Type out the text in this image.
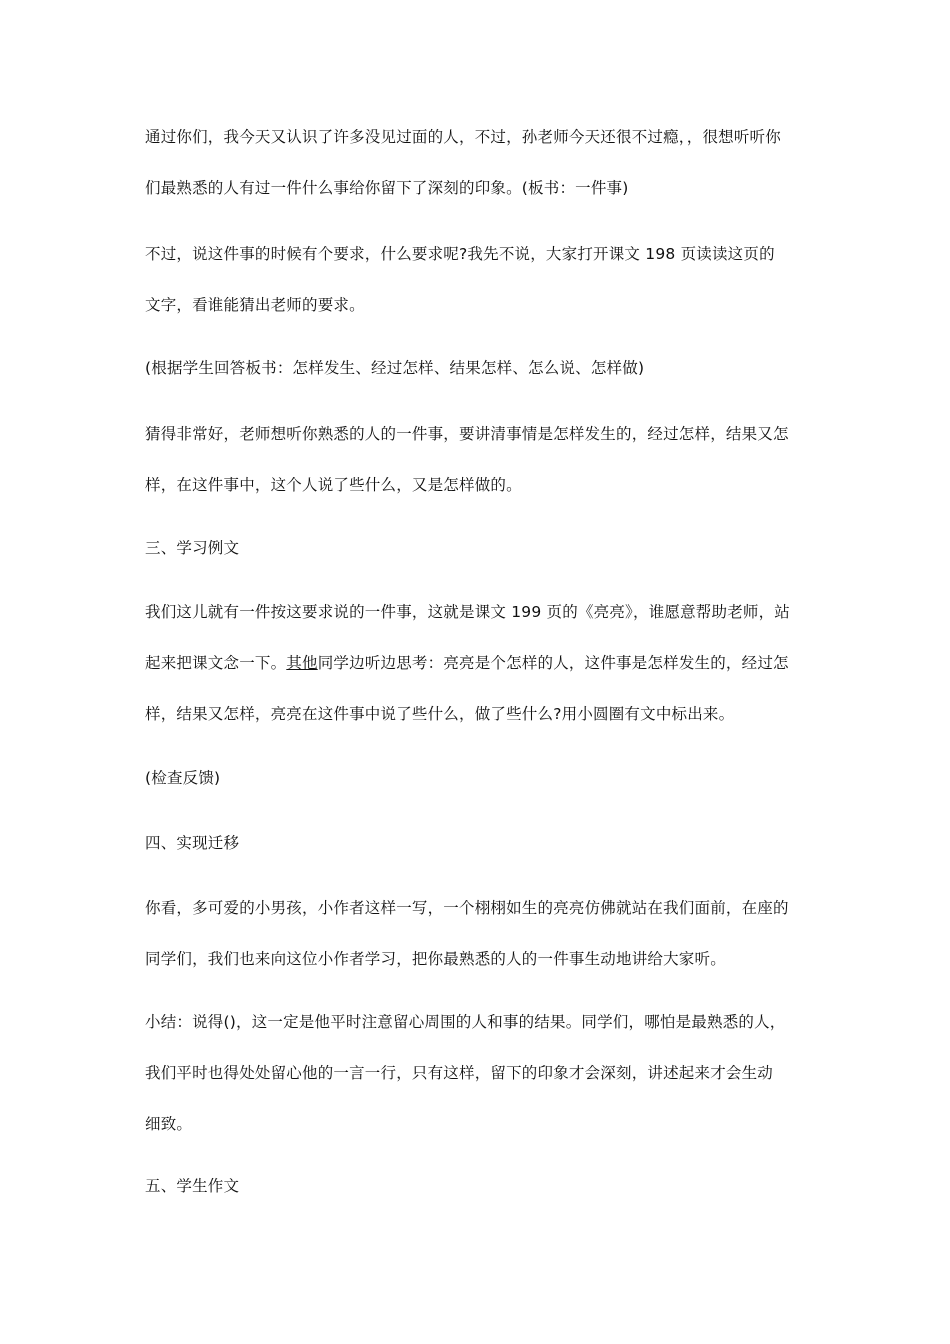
通过你们，我今天又认识了许多没见过面的人，不过，孙老师今天还很不过瘾，，很想听听你
们最熟悉的人有过一件什么事给你留下了深刻的印象。(板书：一件事)

不过，说这件事的时候有个要求，什么要求呢?我先不说，大家打开课文 198 页读读这页的
文字，看谁能猜出老师的要求。

(根据学生回答板书：怎样发生、经过怎样、结果怎样、怎么说、怎样做)

猜得非常好，老师想听你熟悉的人的一件事，要讲清事情是怎样发生的，经过怎样，结果又怎
样，在这件事中，这个人说了些什么，又是怎样做的。

三、学习例文

我们这儿就有一件按这要求说的一件事，这就是课文 199 页的《亮亮》，谁愿意帮助老师，站
起来把课文念一下。其他同学边听边思考：亮亮是个怎样的人，这件事是怎样发生的，经过怎
样，结果又怎样，亮亮在这件事中说了些什么，做了些什么?用小圆圈有文中标出来。

(检查反馈)

四、实现迁移

你看，多可爱的小男孩，小作者这样一写，一个栩栩如生的亮亮仿佛就站在我们面前，在座的
同学们，我们也来向这位小作者学习，把你最熟悉的人的一件事生动地讲给大家听。

小结：说得()，这一定是他平时注意留心周围的人和事的结果。同学们，哪怕是最熟悉的人，
我们平时也得处处留心他的一言一行，只有这样，留下的印象才会深刻，讲述起来才会生动
细致。

五、学生作文
